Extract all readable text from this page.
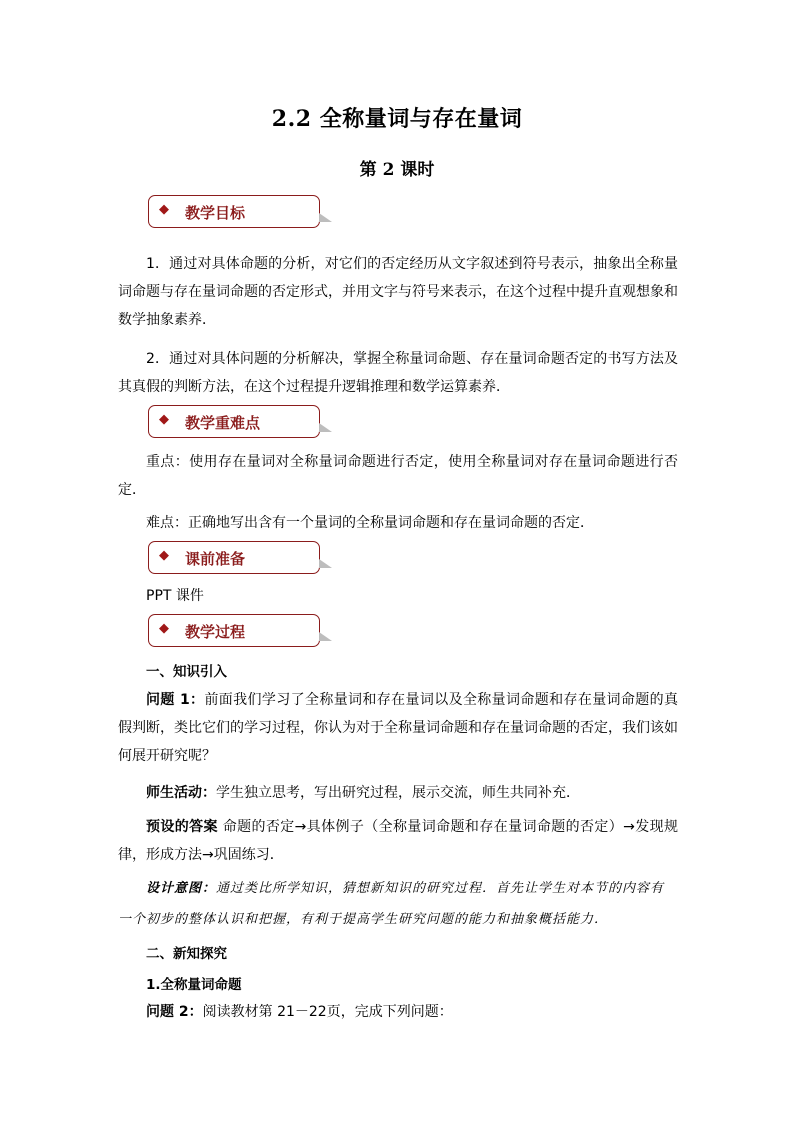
2.2 全称量词与存在量词
第 2 课时
◆ 教学目标
1．通过对具体命题的分析，对它们的否定经历从文字叙述到符号表示，抽象出全称量词命题与存在量词命题的否定形式，并用文字与符号来表示，在这个过程中提升直观想象和数学抽象素养．
2．通过对具体问题的分析解决，掌握全称量词命题、存在量词命题否定的书写方法及其真假的判断方法，在这个过程提升逻辑推理和数学运算素养．
◆ 教学重难点
重点：使用存在量词对全称量词命题进行否定，使用全称量词对存在量词命题进行否定．
难点：正确地写出含有一个量词的全称量词命题和存在量词命题的否定．
◆ 课前准备
PPT 课件
◆ 教学过程
一、知识引入
问题 1：前面我们学习了全称量词和存在量词以及全称量词命题和存在量词命题的真假判断，类比它们的学习过程，你认为对于全称量词命题和存在量词命题的否定，我们该如何展开研究呢？
师生活动：学生独立思考，写出研究过程，展示交流，师生共同补充．
预设的答案 命题的否定→具体例子（全称量词命题和存在量词命题的否定）→发现规律，形成方法→巩固练习．
设计意图：通过类比所学知识，猜想新知识的研究过程．首先让学生对本节的内容有一个初步的整体认识和把握，有利于提高学生研究问题的能力和抽象概括能力．
二、新知探究
1.全称量词命题
问题 2：阅读教材第 21－22页，完成下列问题：
